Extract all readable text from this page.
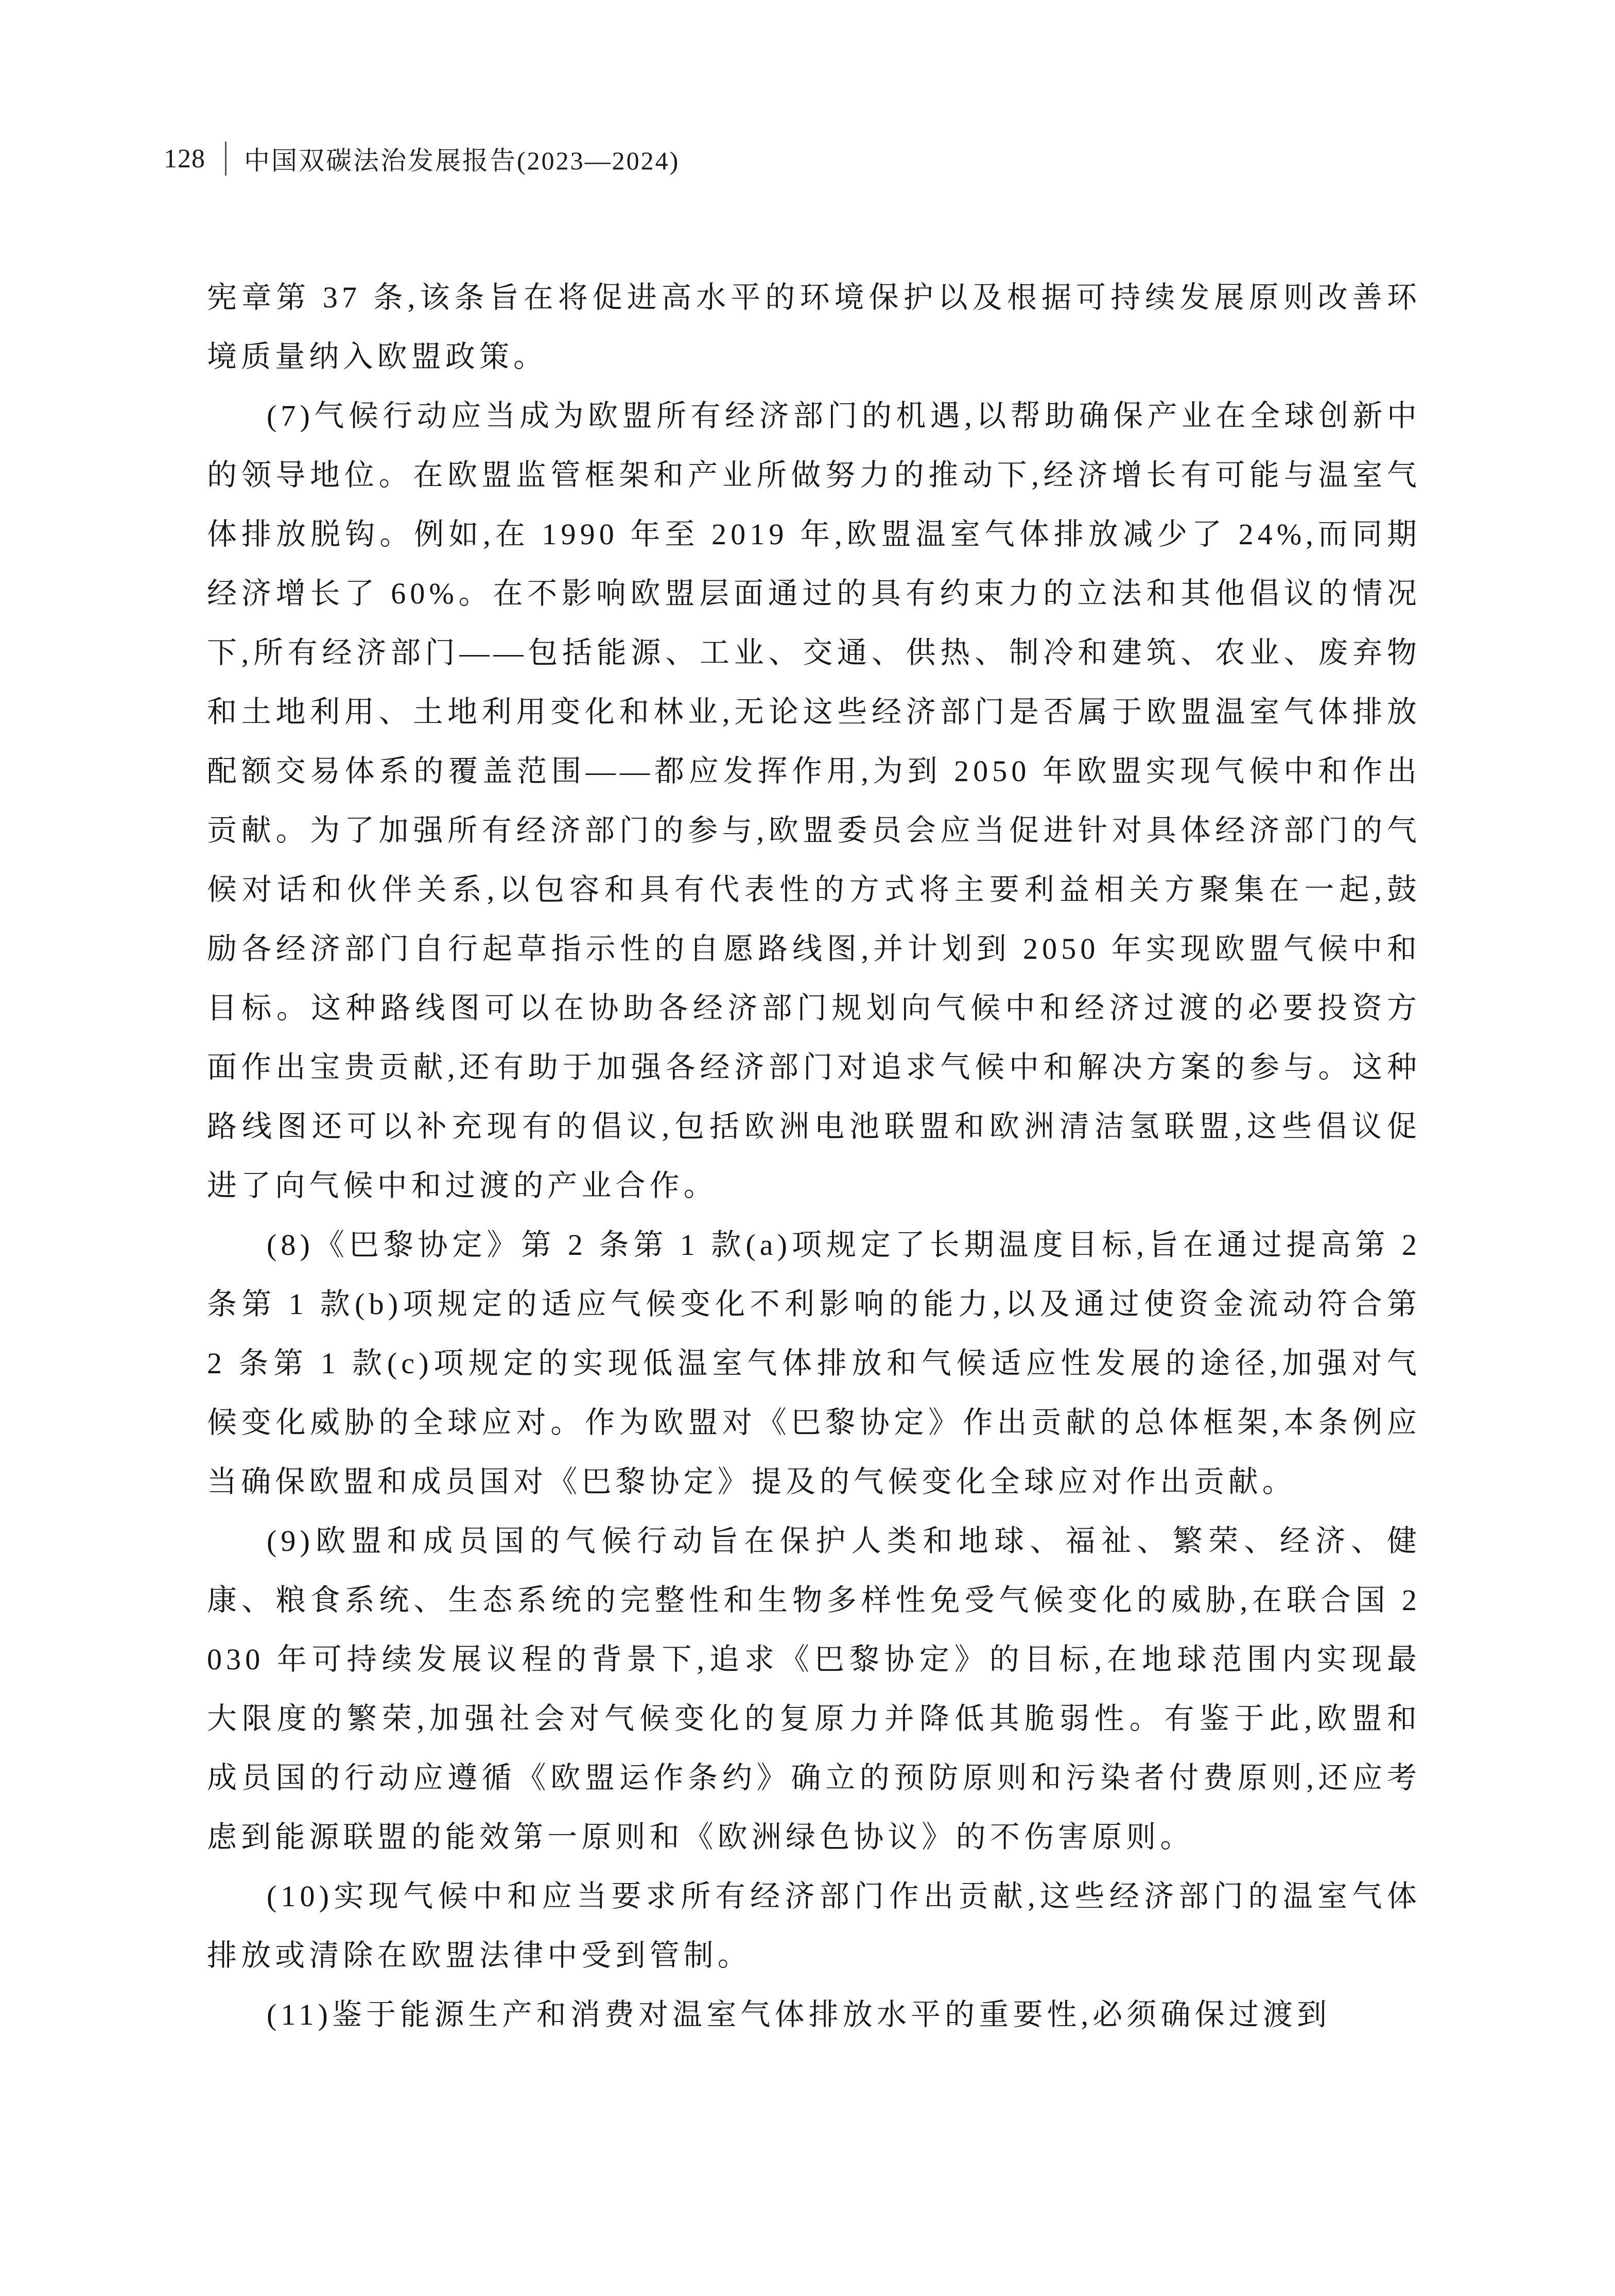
128 中国双碳法治发展报告(2023—2024)

宪章第 37 条,该条旨在将促进高水平的环境保护以及根据可持续发展原则改善环境质量纳入欧盟政策。

(7)气候行动应当成为欧盟所有经济部门的机遇,以帮助确保产业在全球创新中的领导地位。在欧盟监管框架和产业所做努力的推动下,经济增长有可能与温室气体排放脱钩。例如,在 1990 年至 2019 年,欧盟温室气体排放减少了 24%,而同期经济增长了 60%。在不影响欧盟层面通过的具有约束力的立法和其他倡议的情况下,所有经济部门——包括能源、工业、交通、供热、制冷和建筑、农业、废弃物和土地利用、土地利用变化和林业,无论这些经济部门是否属于欧盟温室气体排放配额交易体系的覆盖范围——都应发挥作用,为到 2050 年欧盟实现气候中和作出贡献。为了加强所有经济部门的参与,欧盟委员会应当促进针对具体经济部门的气候对话和伙伴关系,以包容和具有代表性的方式将主要利益相关方聚集在一起,鼓励各经济部门自行起草指示性的自愿路线图,并计划到 2050 年实现欧盟气候中和目标。这种路线图可以在协助各经济部门规划向气候中和经济过渡的必要投资方面作出宝贵贡献,还有助于加强各经济部门对追求气候中和解决方案的参与。这种路线图还可以补充现有的倡议,包括欧洲电池联盟和欧洲清洁氢联盟,这些倡议促进了向气候中和过渡的产业合作。

(8)《巴黎协定》第 2 条第 1 款(a)项规定了长期温度目标,旨在通过提高第 2 条第 1 款(b)项规定的适应气候变化不利影响的能力,以及通过使资金流动符合第 2 条第 1 款(c)项规定的实现低温室气体排放和气候适应性发展的途径,加强对气候变化威胁的全球应对。作为欧盟对《巴黎协定》作出贡献的总体框架,本条例应当确保欧盟和成员国对《巴黎协定》提及的气候变化全球应对作出贡献。

(9)欧盟和成员国的气候行动旨在保护人类和地球、福祉、繁荣、经济、健康、粮食系统、生态系统的完整性和生物多样性免受气候变化的威胁,在联合国 2030 年可持续发展议程的背景下,追求《巴黎协定》的目标,在地球范围内实现最大限度的繁荣,加强社会对气候变化的复原力并降低其脆弱性。有鉴于此,欧盟和成员国的行动应遵循《欧盟运作条约》确立的预防原则和污染者付费原则,还应考虑到能源联盟的能效第一原则和《欧洲绿色协议》的不伤害原则。

(10)实现气候中和应当要求所有经济部门作出贡献,这些经济部门的温室气体排放或清除在欧盟法律中受到管制。

(11)鉴于能源生产和消费对温室气体排放水平的重要性,必须确保过渡到
